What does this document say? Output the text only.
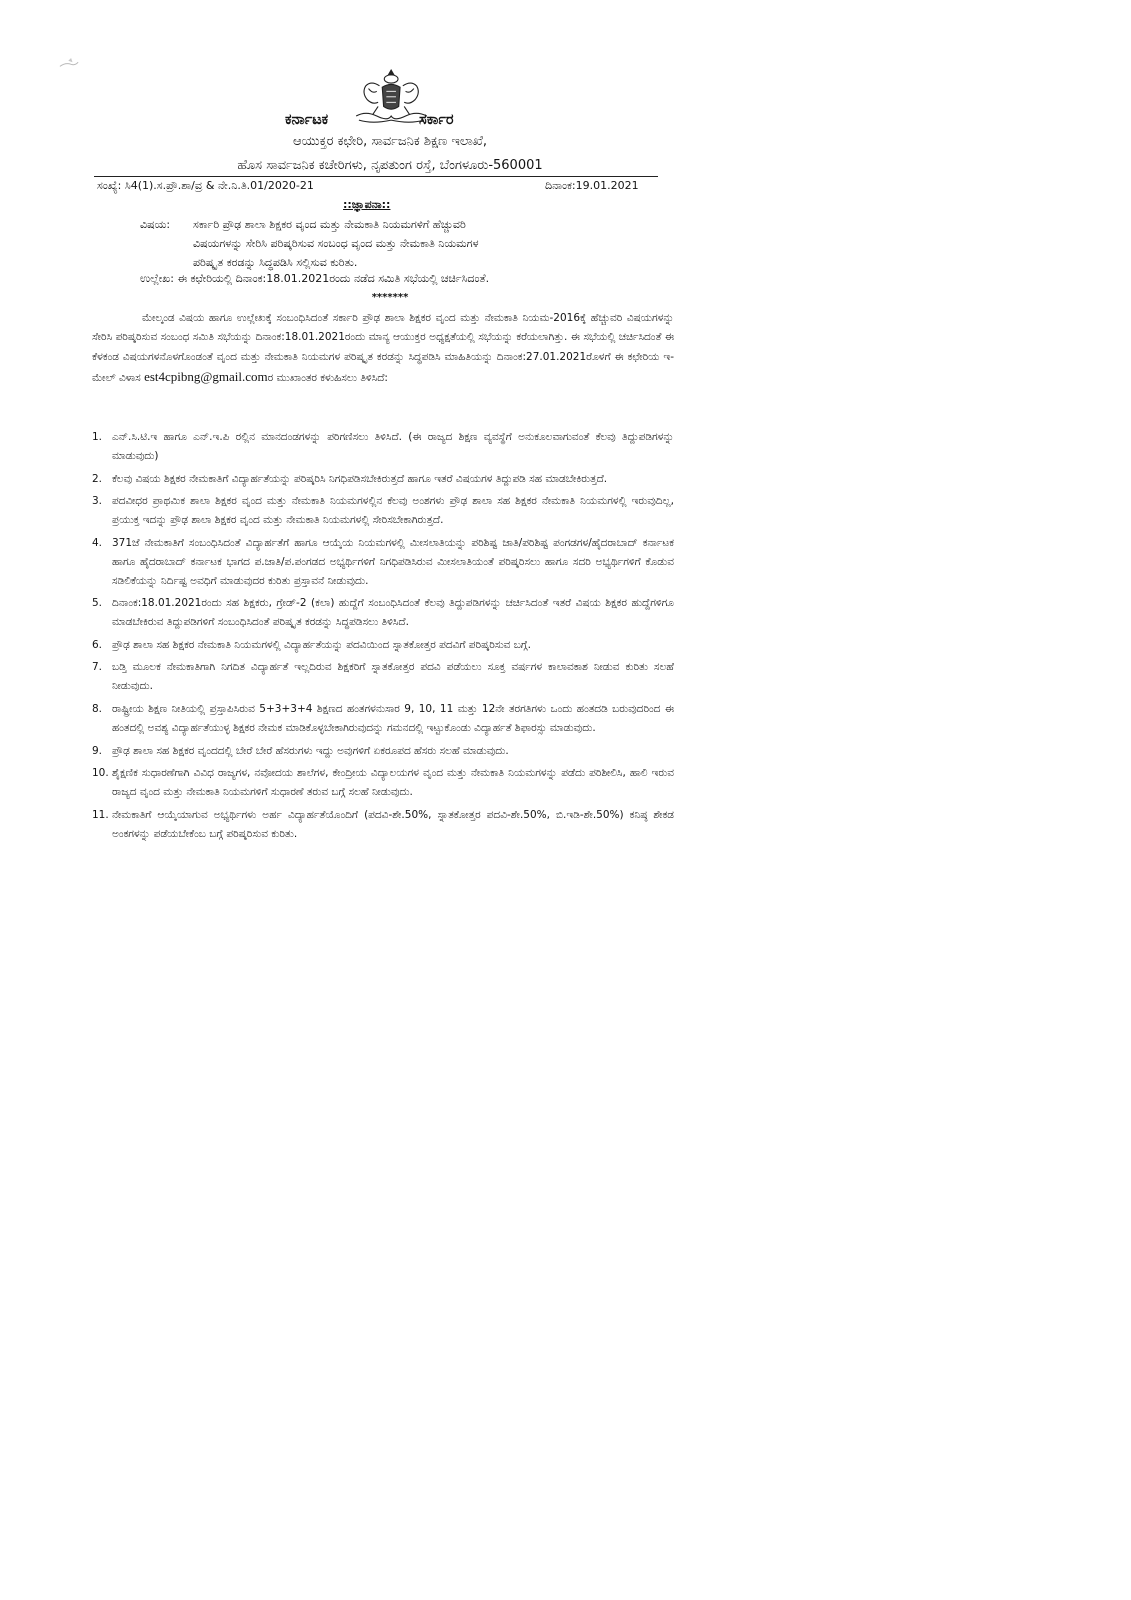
ಕರ್ನಾಟಕ	ಸರ್ಕಾರ
ಆಯುಕ್ತರ ಕಛೇರಿ, ಸಾರ್ವಜನಿಕ ಶಿಕ್ಷಣ ಇಲಾಖೆ,
ಹೊಸ ಸಾರ್ವಜನಿಕ ಕಚೇರಿಗಳು, ನೃಪತುಂಗ ರಸ್ತೆ, ಬೆಂಗಳೂರು-560001
ಸಂಖ್ಯೆ: ಸಿ4(1).ಸ.ಪ್ರೌ.ಶಾ/ವ್ರ & ನೇ.ನಿ.ತಿ.01/2020-21	ದಿನಾಂಕ:19.01.2021
::ಜ್ಞಾಪನಾ::
ವಿಷಯ: ಸರ್ಕಾರಿ ಪ್ರೌಢ ಶಾಲಾ ಶಿಕ್ಷಕರ ವೃಂದ ಮತ್ತು ನೇಮಕಾತಿ ನಿಯಮಗಳಿಗೆ ಹೆಚ್ಚುವರಿ
ವಿಷಯಗಳನ್ನು ಸೇರಿಸಿ ಪರಿಷ್ಕರಿಸುವ ಸಂಬಂಧ ವೃಂದ ಮತ್ತು ನೇಮಕಾತಿ ನಿಯಮಗಳ
ಪರಿಷ್ಕೃತ ಕರಡನ್ನು ಸಿದ್ಧಪಡಿಸಿ ಸಲ್ಲಿಸುವ ಕುರಿತು.
ಉಲ್ಲೇಖ: ಈ ಕಛೇರಿಯಲ್ಲಿ ದಿನಾಂಕ:18.01.2021ರಂದು ನಡೆದ ಸಮಿತಿ ಸಭೆಯಲ್ಲಿ ಚರ್ಚಿಸಿದಂತೆ.
*******

ಮೇಲ್ಕಂಡ ವಿಷಯ ಹಾಗೂ ಉಲ್ಲೇಖಕ್ಕೆ ಸಂಬಂಧಿಸಿದಂತೆ ಸರ್ಕಾರಿ ಪ್ರೌಢ ಶಾಲಾ ಶಿಕ್ಷಕರ ವೃಂದ ಮತ್ತು ನೇಮಕಾತಿ ನಿಯಮ-2016ಕ್ಕೆ ಹೆಚ್ಚುವರಿ ವಿಷಯಗಳನ್ನು ಸೇರಿಸಿ ಪರಿಷ್ಕರಿಸುವ ಸಂಬಂಧ ಸಮಿತಿ ಸಭೆಯನ್ನು ದಿನಾಂಕ:18.01.2021ರಂದು ಮಾನ್ಯ ಆಯುಕ್ತರ ಅಧ್ಯಕ್ಷತೆಯಲ್ಲಿ ಸಭೆಯನ್ನು ಕರೆಯಲಾಗಿತ್ತು. ಈ ಸಭೆಯಲ್ಲಿ ಚರ್ಚಿಸಿದಂತೆ ಈ ಕೆಳಕಂಡ ವಿಷಯಗಳನೊಳಗೊಂಡಂತೆ ವೃಂದ ಮತ್ತು ನೇಮಕಾತಿ ನಿಯಮಗಳ ಪರಿಷ್ಕೃತ ಕರಡನ್ನು ಸಿದ್ಧಪಡಿಸಿ ಮಾಹಿತಿಯನ್ನು ದಿನಾಂಕ:27.01.2021ರೊಳಗೆ ಈ ಕಛೇರಿಯ ಇ-ಮೇಲ್ ವಿಳಾಸ est4cpibng@gmail.comರ ಮುಖಾಂತರ ಕಳುಹಿಸಲು ತಿಳಿಸಿದೆ:

1. ಎನ್.ಸಿ.ಟಿ.ಇ ಹಾಗೂ ಎನ್.ಇ.ಪಿ ರಲ್ಲಿನ ಮಾನದಂಡಗಳನ್ನು ಪರಿಗಣಿಸಲು ತಿಳಿಸಿದೆ. (ಈ ರಾಜ್ಯದ ಶಿಕ್ಷಣ ವ್ಯವಸ್ಥೆಗೆ ಅನುಕೂಲವಾಗುವಂತೆ ಕೆಲವು ತಿದ್ದುಪಡಿಗಳನ್ನು ಮಾಡುವುದು)
2. ಕೆಲವು ವಿಷಯ ಶಿಕ್ಷಕರ ನೇಮಕಾತಿಗೆ ವಿದ್ಯಾರ್ಹತೆಯನ್ನು ಪರಿಷ್ಕರಿಸಿ ನಿಗಧಿಪಡಿಸಬೇಕಿರುತ್ತದೆ ಹಾಗೂ ಇತರೆ ವಿಷಯಗಳ ತಿದ್ದುಪಡಿ ಸಹ ಮಾಡಬೇಕಿರುತ್ತದೆ.
3. ಪದವೀಧರ ಪ್ರಾಥಮಿಕ ಶಾಲಾ ಶಿಕ್ಷಕರ ವೃಂದ ಮತ್ತು ನೇಮಕಾತಿ ನಿಯಮಗಳಲ್ಲಿನ ಕೆಲವು ಅಂಶಗಳು ಪ್ರೌಢ ಶಾಲಾ ಸಹ ಶಿಕ್ಷಕರ ನೇಮಕಾತಿ ನಿಯಮಗಳಲ್ಲಿ ಇರುವುದಿಲ್ಲ, ಪ್ರಯುಕ್ತ ಇದನ್ನು ಪ್ರೌಢ ಶಾಲಾ ಶಿಕ್ಷಕರ ವೃಂದ ಮತ್ತು ನೇಮಕಾತಿ ನಿಯಮಗಳಲ್ಲಿ ಸೇರಿಸಬೇಕಾಗಿರುತ್ತದೆ.
4. 371ಜೆ ನೇಮಕಾತಿಗೆ ಸಂಬಂಧಿಸಿದಂತೆ ವಿದ್ಯಾರ್ಹತೆಗೆ ಹಾಗೂ ಆಯ್ಕೆಯ ನಿಯಮಗಳಲ್ಲಿ ಮೀಸಲಾತಿಯನ್ನು ಪರಿಶಿಷ್ಟ ಜಾತಿ/ಪರಿಶಿಷ್ಟ ಪಂಗಡಗಳ/ಹೈದರಾಬಾದ್ ಕರ್ನಾಟಕ ಹಾಗೂ ಹೈದರಾಬಾದ್ ಕರ್ನಾಟಕ ಭಾಗದ ಪ.ಜಾತಿ/ಪ.ಪಂಗಡದ ಅಭ್ಯರ್ಥಿಗಳಿಗೆ ನಿಗಧಿಪಡಿಸಿರುವ ಮೀಸಲಾತಿಯಂತೆ ಪರಿಷ್ಕರಿಸಲು ಹಾಗೂ ಸದರಿ ಅಭ್ಯರ್ಥಿಗಳಿಗೆ ಕೊಡುವ ಸಡಿಲಿಕೆಯನ್ನು ನಿರ್ದಿಷ್ಟ ಅವಧಿಗೆ ಮಾಡುವುದರ ಕುರಿತು ಪ್ರಸ್ತಾವನೆ ನೀಡುವುದು.
5. ದಿನಾಂಕ:18.01.2021ರಂದು ಸಹ ಶಿಕ್ಷಕರು, ಗ್ರೇಡ್-2 (ಕಲಾ) ಹುದ್ದೆಗೆ ಸಂಬಂಧಿಸಿದಂತೆ ಕೆಲವು ತಿದ್ದುಪಡಿಗಳನ್ನು ಚರ್ಚಿಸಿದಂತೆ ಇತರೆ ವಿಷಯ ಶಿಕ್ಷಕರ ಹುದ್ದೆಗಳಿಗೂ ಮಾಡಬೇಕಿರುವ ತಿದ್ದುಪಡಿಗಳಿಗೆ ಸಂಬಂಧಿಸಿದಂತೆ ಪರಿಷ್ಕೃತ ಕರಡನ್ನು ಸಿದ್ಧಪಡಿಸಲು ತಿಳಿಸಿದೆ.
6. ಪ್ರೌಢ ಶಾಲಾ ಸಹ ಶಿಕ್ಷಕರ ನೇಮಕಾತಿ ನಿಯಮಗಳಲ್ಲಿ ವಿದ್ಯಾರ್ಹತೆಯನ್ನು ಪದವಿಯಿಂದ ಸ್ನಾತಕೋತ್ತರ ಪದವಿಗೆ ಪರಿಷ್ಕರಿಸುವ ಬಗ್ಗೆ.
7. ಬಡ್ತಿ ಮೂಲಕ ನೇಮಕಾತಿಗಾಗಿ ನಿಗದಿತ ವಿದ್ಯಾರ್ಹತೆ ಇಲ್ಲದಿರುವ ಶಿಕ್ಷಕರಿಗೆ ಸ್ನಾತಕೋತ್ತರ ಪದವಿ ಪಡೆಯಲು ಸೂಕ್ತ ವರ್ಷಗಳ ಕಾಲಾವಕಾಶ ನೀಡುವ ಕುರಿತು ಸಲಹೆ ನೀಡುವುದು.
8. ರಾಷ್ಟ್ರೀಯ ಶಿಕ್ಷಣ ನೀತಿಯಲ್ಲಿ ಪ್ರಸ್ತಾಪಿಸಿರುವ 5+3+3+4 ಶಿಕ್ಷಣದ ಹಂತಗಳನುಸಾರ 9, 10, 11 ಮತ್ತು 12ನೇ ತರಗತಿಗಳು ಒಂದು ಹಂತದಡಿ ಬರುವುದರಿಂದ ಈ ಹಂತದಲ್ಲಿ ಅವಶ್ಯ ವಿದ್ಯಾರ್ಹತೆಯುಳ್ಳ ಶಿಕ್ಷಕರ ನೇಮಕ ಮಾಡಿಕೊಳ್ಳಬೇಕಾಗಿರುವುದನ್ನು ಗಮನದಲ್ಲಿ ಇಟ್ಟುಕೊಂಡು ವಿದ್ಯಾರ್ಹತೆ ಶಿಫಾರಸ್ಸು ಮಾಡುವುದು.
9. ಪ್ರೌಢ ಶಾಲಾ ಸಹ ಶಿಕ್ಷಕರ ವೃಂದದಲ್ಲಿ ಬೇರೆ ಬೇರೆ ಹೆಸರುಗಳು ಇದ್ದು ಅವುಗಳಿಗೆ ಏಕರೂಪದ ಹೆಸರು ಸಲಹೆ ಮಾಡುವುದು.
10. ಶೈಕ್ಷಣಿಕ ಸುಧಾರಣೆಗಾಗಿ ವಿವಿಧ ರಾಜ್ಯಗಳ, ನವೋದಯ ಶಾಲೆಗಳ, ಕೇಂದ್ರೀಯ ವಿದ್ಯಾಲಯಗಳ ವೃಂದ ಮತ್ತು ನೇಮಕಾತಿ ನಿಯಮಗಳನ್ನು ಪಡೆದು ಪರಿಶೀಲಿಸಿ, ಹಾಲಿ ಇರುವ ರಾಜ್ಯದ ವೃಂದ ಮತ್ತು ನೇಮಕಾತಿ ನಿಯಮಗಳಿಗೆ ಸುಧಾರಣೆ ತರುವ ಬಗ್ಗೆ ಸಲಹೆ ನೀಡುವುದು.
11. ನೇಮಕಾತಿಗೆ ಆಯ್ಕೆಯಾಗುವ ಅಭ್ಯರ್ಥಿಗಳು ಅರ್ಹ ವಿದ್ಯಾರ್ಹತೆಯೊಂದಿಗೆ (ಪದವಿ-ಶೇ.50%, ಸ್ನಾತಕೋತ್ತರ ಪದವಿ-ಶೇ.50%, ಬಿ.ಇಡಿ-ಶೇ.50%) ಕನಿಷ್ಠ ಶೇಕಡ ಅಂಕಗಳನ್ನು ಪಡೆಯಬೇಕೆಂಬ ಬಗ್ಗೆ ಪರಿಷ್ಕರಿಸುವ ಕುರಿತು.
